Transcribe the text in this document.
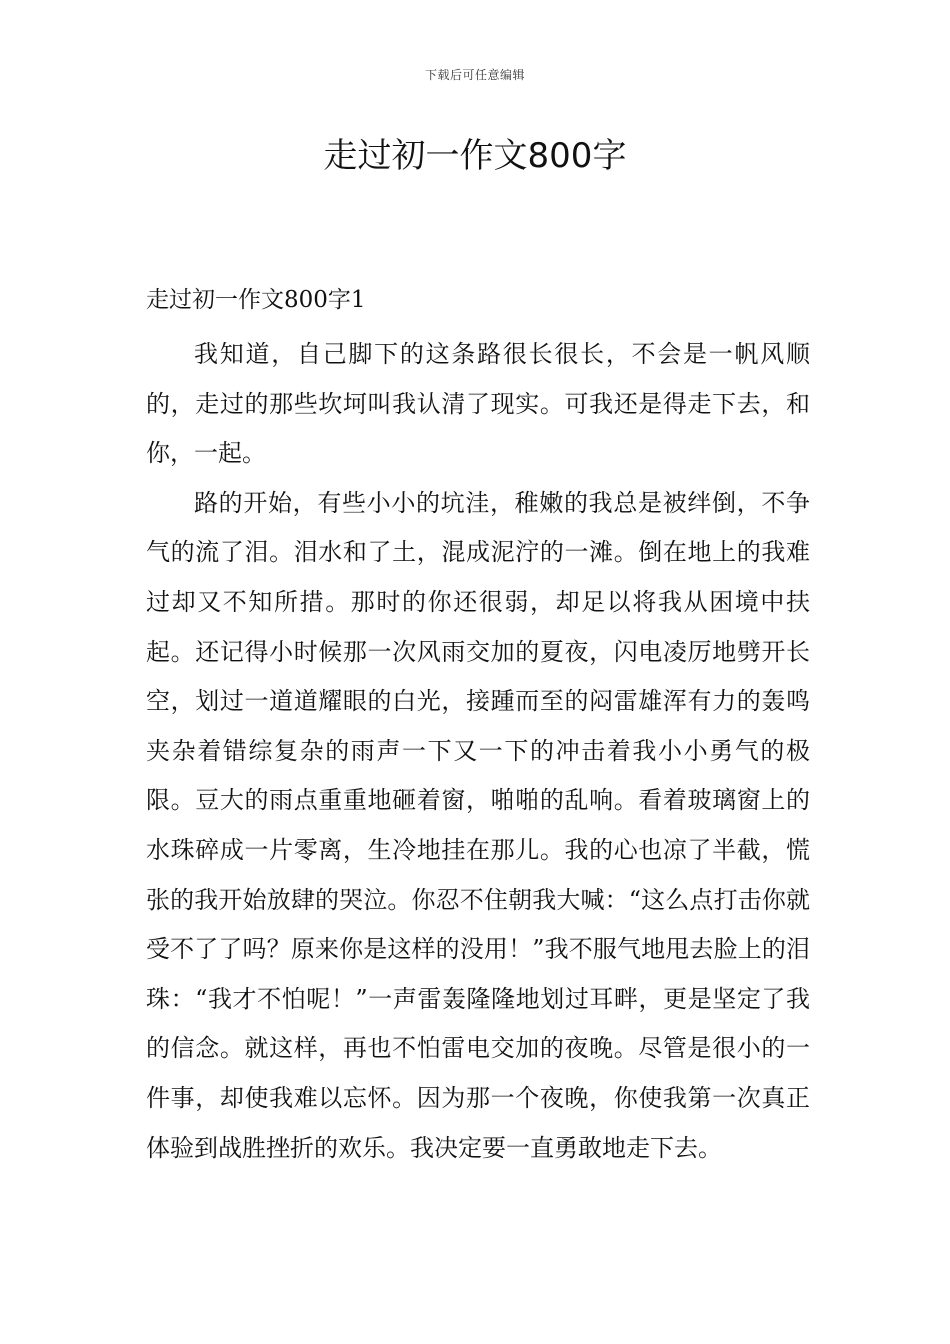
下载后可任意编辑
走过初一作文800字
走过初一作文800字1

我知道，自己脚下的这条路很长很长，不会是一帆风顺的，走过的那些坎坷叫我认清了现实。可我还是得走下去，和你，一起。

路的开始，有些小小的坑洼，稚嫩的我总是被绊倒，不争气的流了泪。泪水和了土，混成泥泞的一滩。倒在地上的我难过却又不知所措。那时的你还很弱，却足以将我从困境中扶起。还记得小时候那一次风雨交加的夏夜，闪电凌厉地劈开长空，划过一道道耀眼的白光，接踵而至的闷雷雄浑有力的轰鸣夹杂着错综复杂的雨声一下又一下的冲击着我小小勇气的极限。豆大的雨点重重地砸着窗，啪啪的乱响。看着玻璃窗上的水珠碎成一片零离，生冷地挂在那儿。我的心也凉了半截，慌张的我开始放肆的哭泣。你忍不住朝我大喊：“这么点打击你就受不了了吗？原来你是这样的没用！”我不服气地甩去脸上的泪珠：“我才不怕呢！”一声雷轰隆隆地划过耳畔，更是坚定了我的信念。就这样，再也不怕雷电交加的夜晚。尽管是很小的一件事，却使我难以忘怀。因为那一个夜晚，你使我第一次真正体验到战胜挫折的欢乐。我决定要一直勇敢地走下去。
